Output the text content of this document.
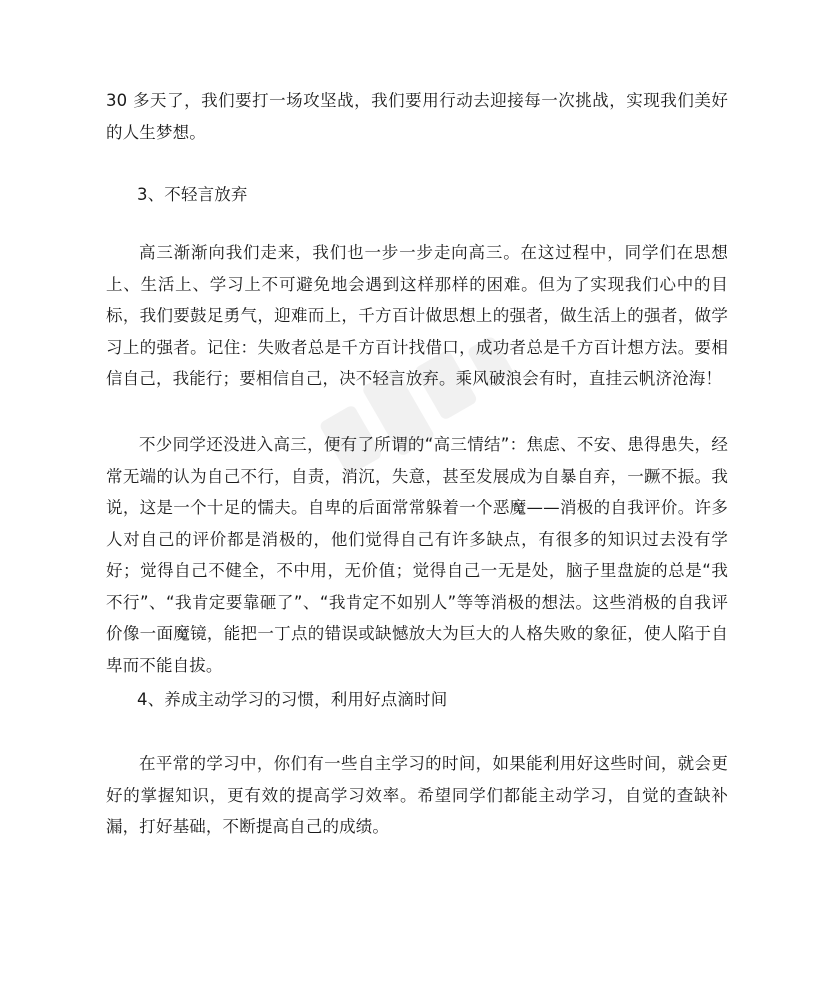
30 多天了，我们要打一场攻坚战，我们要用行动去迎接每一次挑战，实现我们美好的人生梦想。

3、不轻言放弃

高三渐渐向我们走来，我们也一步一步走向高三。在这过程中，同学们在思想上、生活上、学习上不可避免地会遇到这样那样的困难。但为了实现我们心中的目标，我们要鼓足勇气，迎难而上，千方百计做思想上的强者，做生活上的强者，做学习上的强者。记住：失败者总是千方百计找借口，成功者总是千方百计想方法。要相信自己，我能行；要相信自己，决不轻言放弃。乘风破浪会有时，直挂云帆济沧海！

不少同学还没进入高三，便有了所谓的“高三情结”：焦虑、不安、患得患失，经常无端的认为自己不行，自责，消沉，失意，甚至发展成为自暴自弃，一蹶不振。我说，这是一个十足的懦夫。自卑的后面常常躲着一个恶魔——消极的自我评价。许多人对自己的评价都是消极的，他们觉得自己有许多缺点，有很多的知识过去没有学好；觉得自己不健全，不中用，无价值；觉得自己一无是处，脑子里盘旋的总是“我不行”、“我肯定要靠砸了”、“我肯定不如别人”等等消极的想法。这些消极的自我评价像一面魔镜，能把一丁点的错误或缺憾放大为巨大的人格失败的象征，使人陷于自卑而不能自拔。

4、养成主动学习的习惯，利用好点滴时间

在平常的学习中，你们有一些自主学习的时间，如果能利用好这些时间，就会更好的掌握知识，更有效的提高学习效率。希望同学们都能主动学习，自觉的查缺补漏，打好基础，不断提高自己的成绩。
